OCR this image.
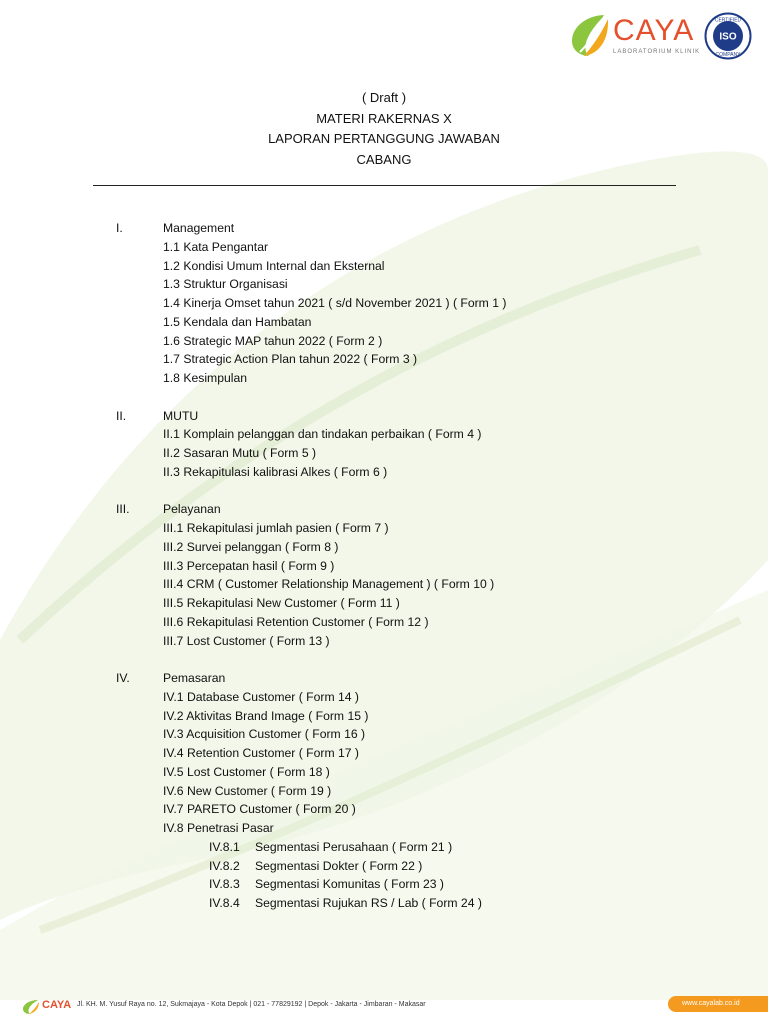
CAYA
LABORATORIUM KLINIK
CERTIFIED
ISO
COMPANY
( Draft )
MATERI RAKERNAS X
LAPORAN PERTANGGUNG JAWABAN
CABANG
I.	Management
1.1 Kata Pengantar
1.2 Kondisi Umum Internal dan Eksternal
1.3 Struktur Organisasi
1.4 Kinerja Omset tahun 2021 ( s/d November 2021 ) ( Form 1 )
1.5 Kendala dan Hambatan
1.6 Strategic MAP tahun 2022 ( Form 2 )
1.7 Strategic Action Plan tahun 2022 ( Form 3 )
1.8 Kesimpulan
II.	MUTU
II.1 Komplain pelanggan dan tindakan perbaikan ( Form 4 )
II.2 Sasaran Mutu ( Form 5 )
II.3 Rekapitulasi kalibrasi Alkes ( Form 6 )
III.	Pelayanan
III.1 Rekapitulasi jumlah pasien ( Form 7 )
III.2 Survei pelanggan ( Form 8 )
III.3 Percepatan hasil ( Form 9 )
III.4 CRM ( Customer Relationship Management ) ( Form 10 )
III.5 Rekapitulasi New Customer ( Form 11 )
III.6 Rekapitulasi Retention Customer ( Form 12 )
III.7 Lost Customer ( Form 13 )
IV.	Pemasaran
IV.1 Database Customer ( Form 14 )
IV.2 Aktivitas Brand Image ( Form 15 )
IV.3 Acquisition Customer ( Form 16 )
IV.4 Retention Customer ( Form 17 )
IV.5 Lost Customer ( Form 18 )
IV.6 New Customer ( Form 19 )
IV.7 PARETO Customer ( Form 20 )
IV.8 Penetrasi Pasar
IV.8.1 Segmentasi Perusahaan ( Form 21 )
IV.8.2 Segmentasi Dokter ( Form 22 )
IV.8.3 Segmentasi Komunitas ( Form 23 )
IV.8.4 Segmentasi Rujukan RS / Lab ( Form 24 )
CAYA Jl. KH. M. Yusuf Raya no. 12, Sukmajaya - Kota Depok | 021 - 77829192 | Depok - Jakarta - Jimbaran - Makasar	www.cayalab.co.id
